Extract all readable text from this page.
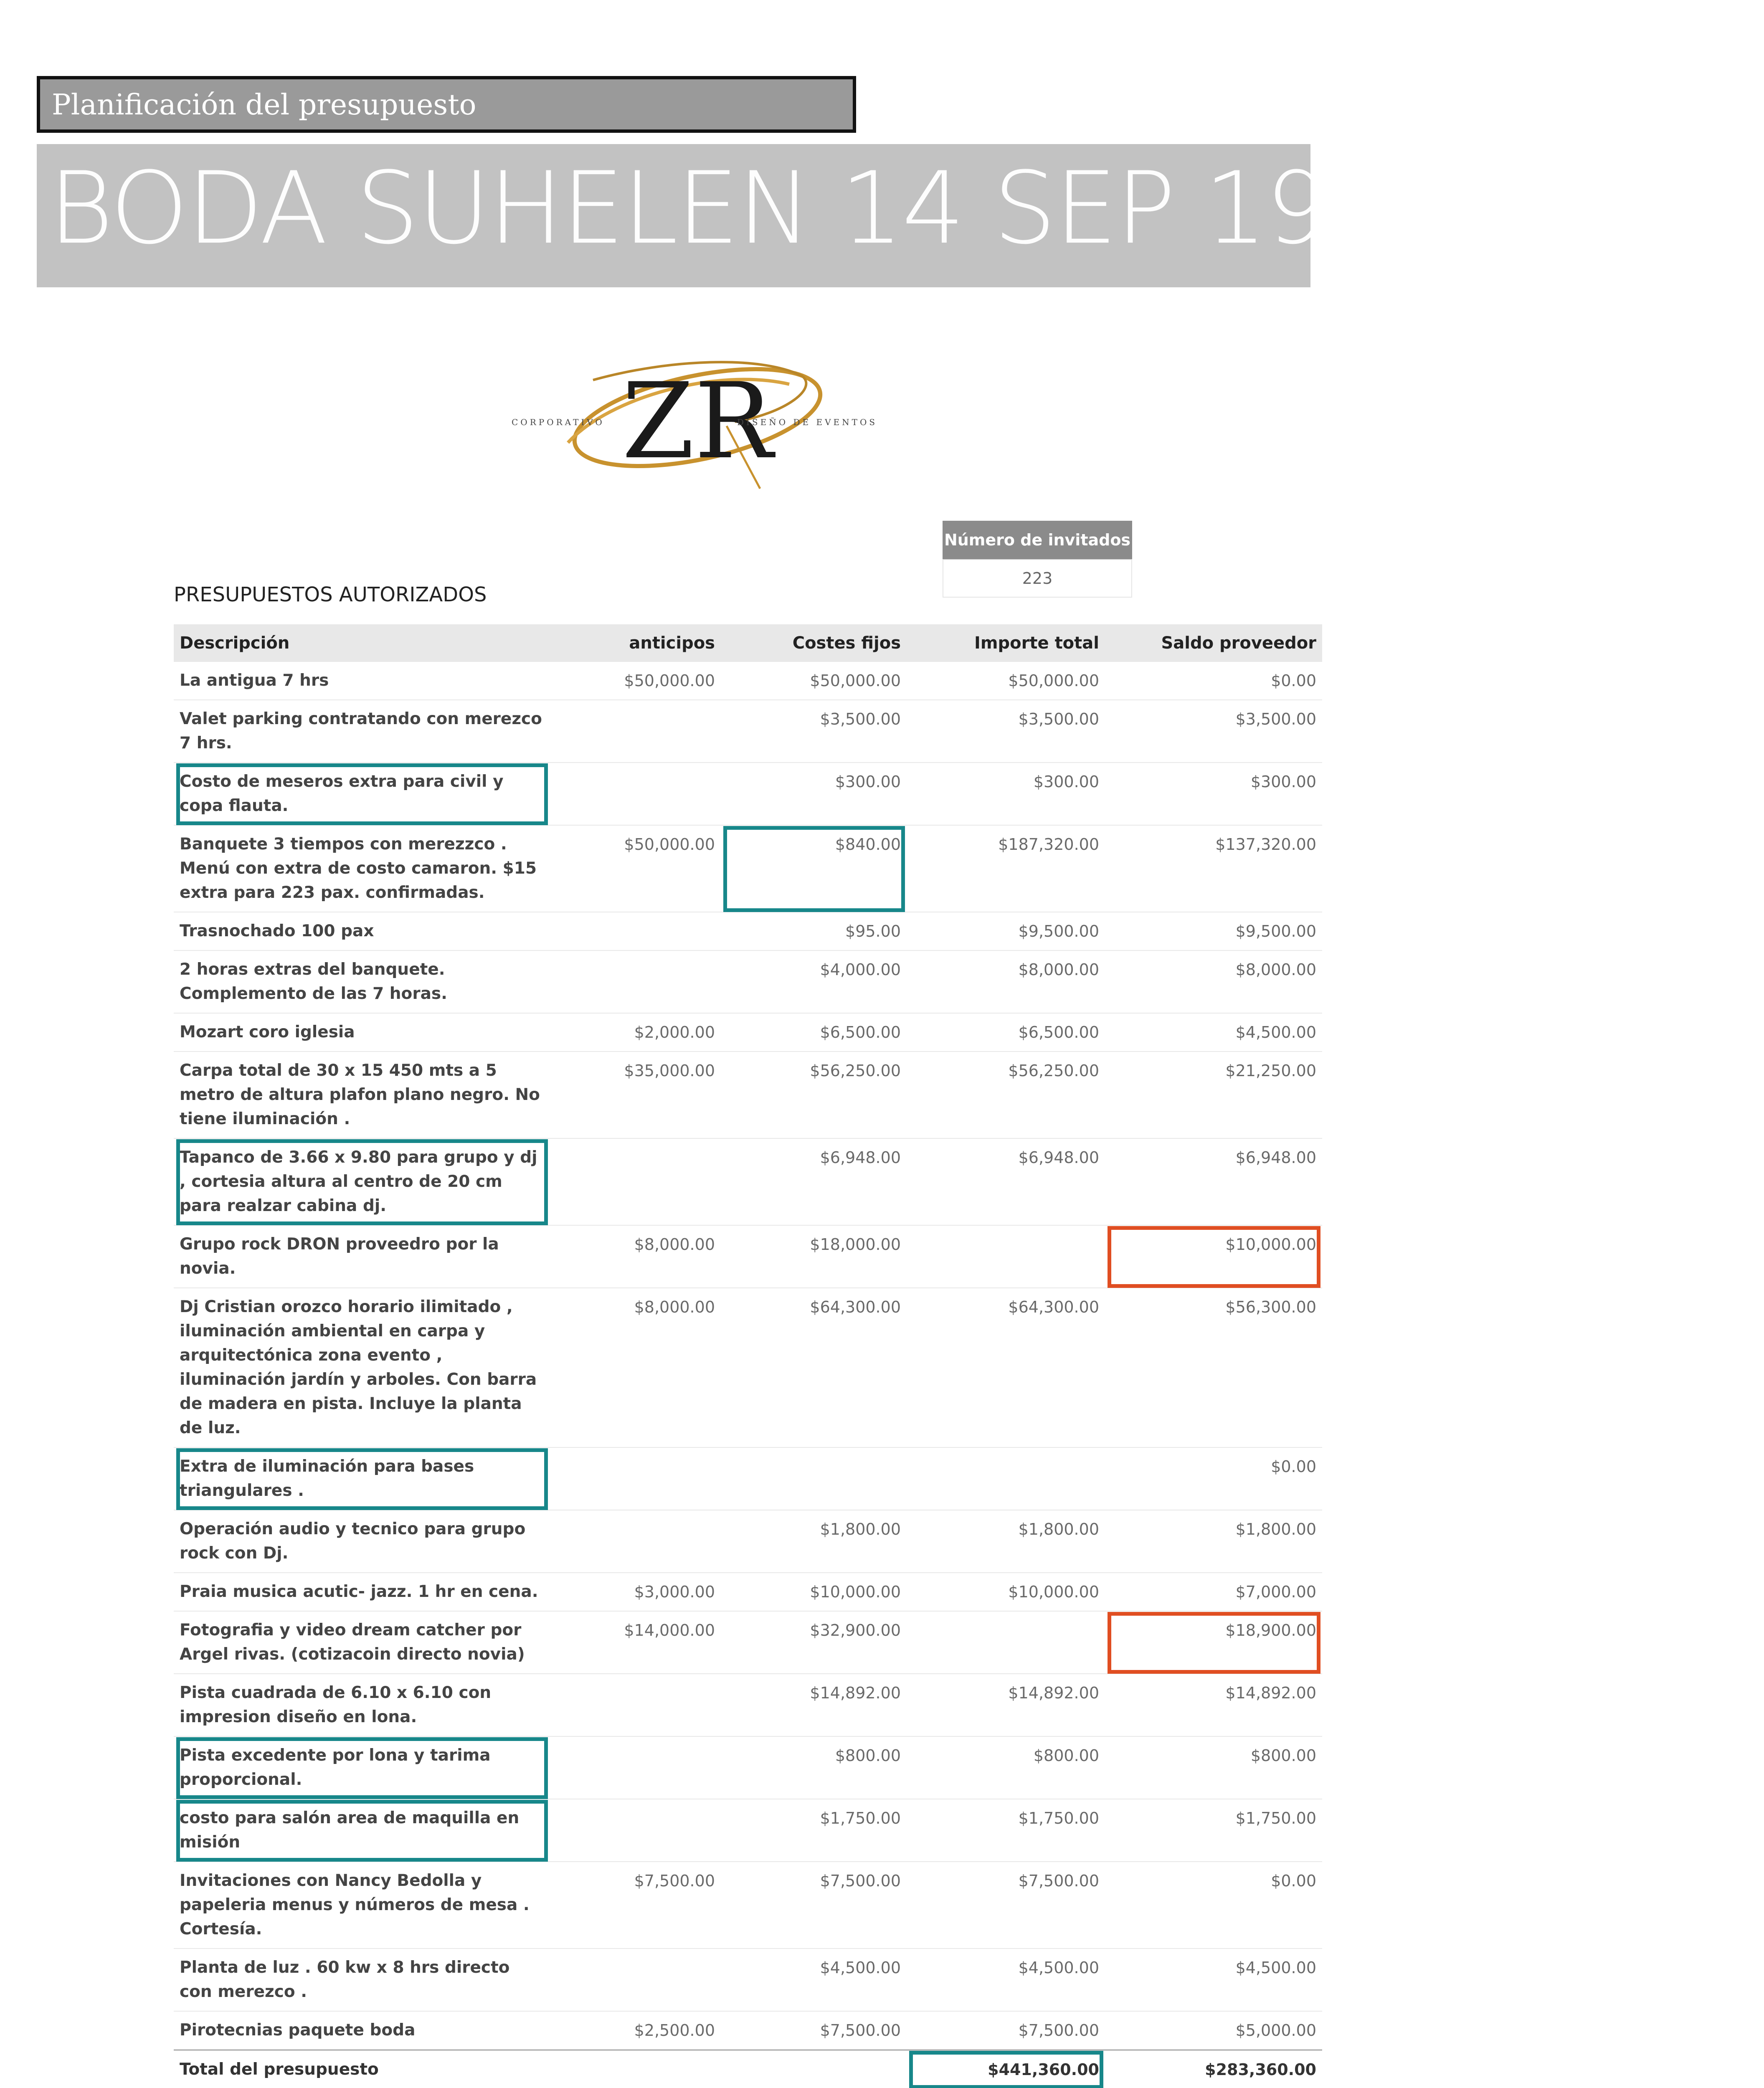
Planificación del presupuesto
BODA SUHELEN 14 SEP 19
ZR
CORPORATIVO	DISEÑO DE EVENTOS
Número de invitados
223
PRESUPUESTOS AUTORIZADOS
Descripción	anticipos	Costes fijos	Importe total	Saldo proveedor
La antigua 7 hrs	$50,000.00	$50,000.00	$50,000.00	$0.00
Valet parking contratando con merezco 7 hrs.		$3,500.00	$3,500.00	$3,500.00
Costo de meseros extra para civil y copa flauta.		$300.00	$300.00	$300.00
Banquete 3 tiempos con merezzco . Menú con extra de costo camaron. $15 extra para 223 pax. confirmadas.	$50,000.00	$840.00	$187,320.00	$137,320.00
Trasnochado 100 pax		$95.00	$9,500.00	$9,500.00
2 horas extras del banquete. Complemento de las 7 horas.		$4,000.00	$8,000.00	$8,000.00
Mozart coro iglesia	$2,000.00	$6,500.00	$6,500.00	$4,500.00
Carpa total de 30 x 15 450 mts a 5 metro de altura plafon plano negro. No tiene iluminación .	$35,000.00	$56,250.00	$56,250.00	$21,250.00
Tapanco de 3.66 x 9.80 para grupo y dj , cortesia altura al centro de 20 cm para realzar cabina dj.		$6,948.00	$6,948.00	$6,948.00
Grupo rock DRON proveedro por la novia.	$8,000.00	$18,000.00		$10,000.00
Dj Cristian orozco horario ilimitado , iluminación ambiental en carpa y arquitectónica zona evento , iluminación jardín y arboles. Con barra de madera en pista. Incluye la planta de luz.	$8,000.00	$64,300.00	$64,300.00	$56,300.00
Extra de iluminación para bases triangulares .				$0.00
Operación audio y tecnico para grupo rock con Dj.		$1,800.00	$1,800.00	$1,800.00
Praia musica acutic- jazz. 1 hr en cena.	$3,000.00	$10,000.00	$10,000.00	$7,000.00
Fotografia y video dream catcher por Argel rivas. (cotizacoin directo novia)	$14,000.00	$32,900.00		$18,900.00
Pista cuadrada de 6.10 x 6.10 con impresion diseño en lona.		$14,892.00	$14,892.00	$14,892.00
Pista excedente por lona y tarima proporcional.		$800.00	$800.00	$800.00
costo para salón area de maquilla en misión		$1,750.00	$1,750.00	$1,750.00
Invitaciones con Nancy Bedolla y papeleria menus y números de mesa . Cortesía.	$7,500.00	$7,500.00	$7,500.00	$0.00
Planta de luz . 60 kw x 8 hrs directo con merezco .		$4,500.00	$4,500.00	$4,500.00
Pirotecnias paquete boda	$2,500.00	$7,500.00	$7,500.00	$5,000.00
Total del presupuesto			$441,360.00	$283,360.00
